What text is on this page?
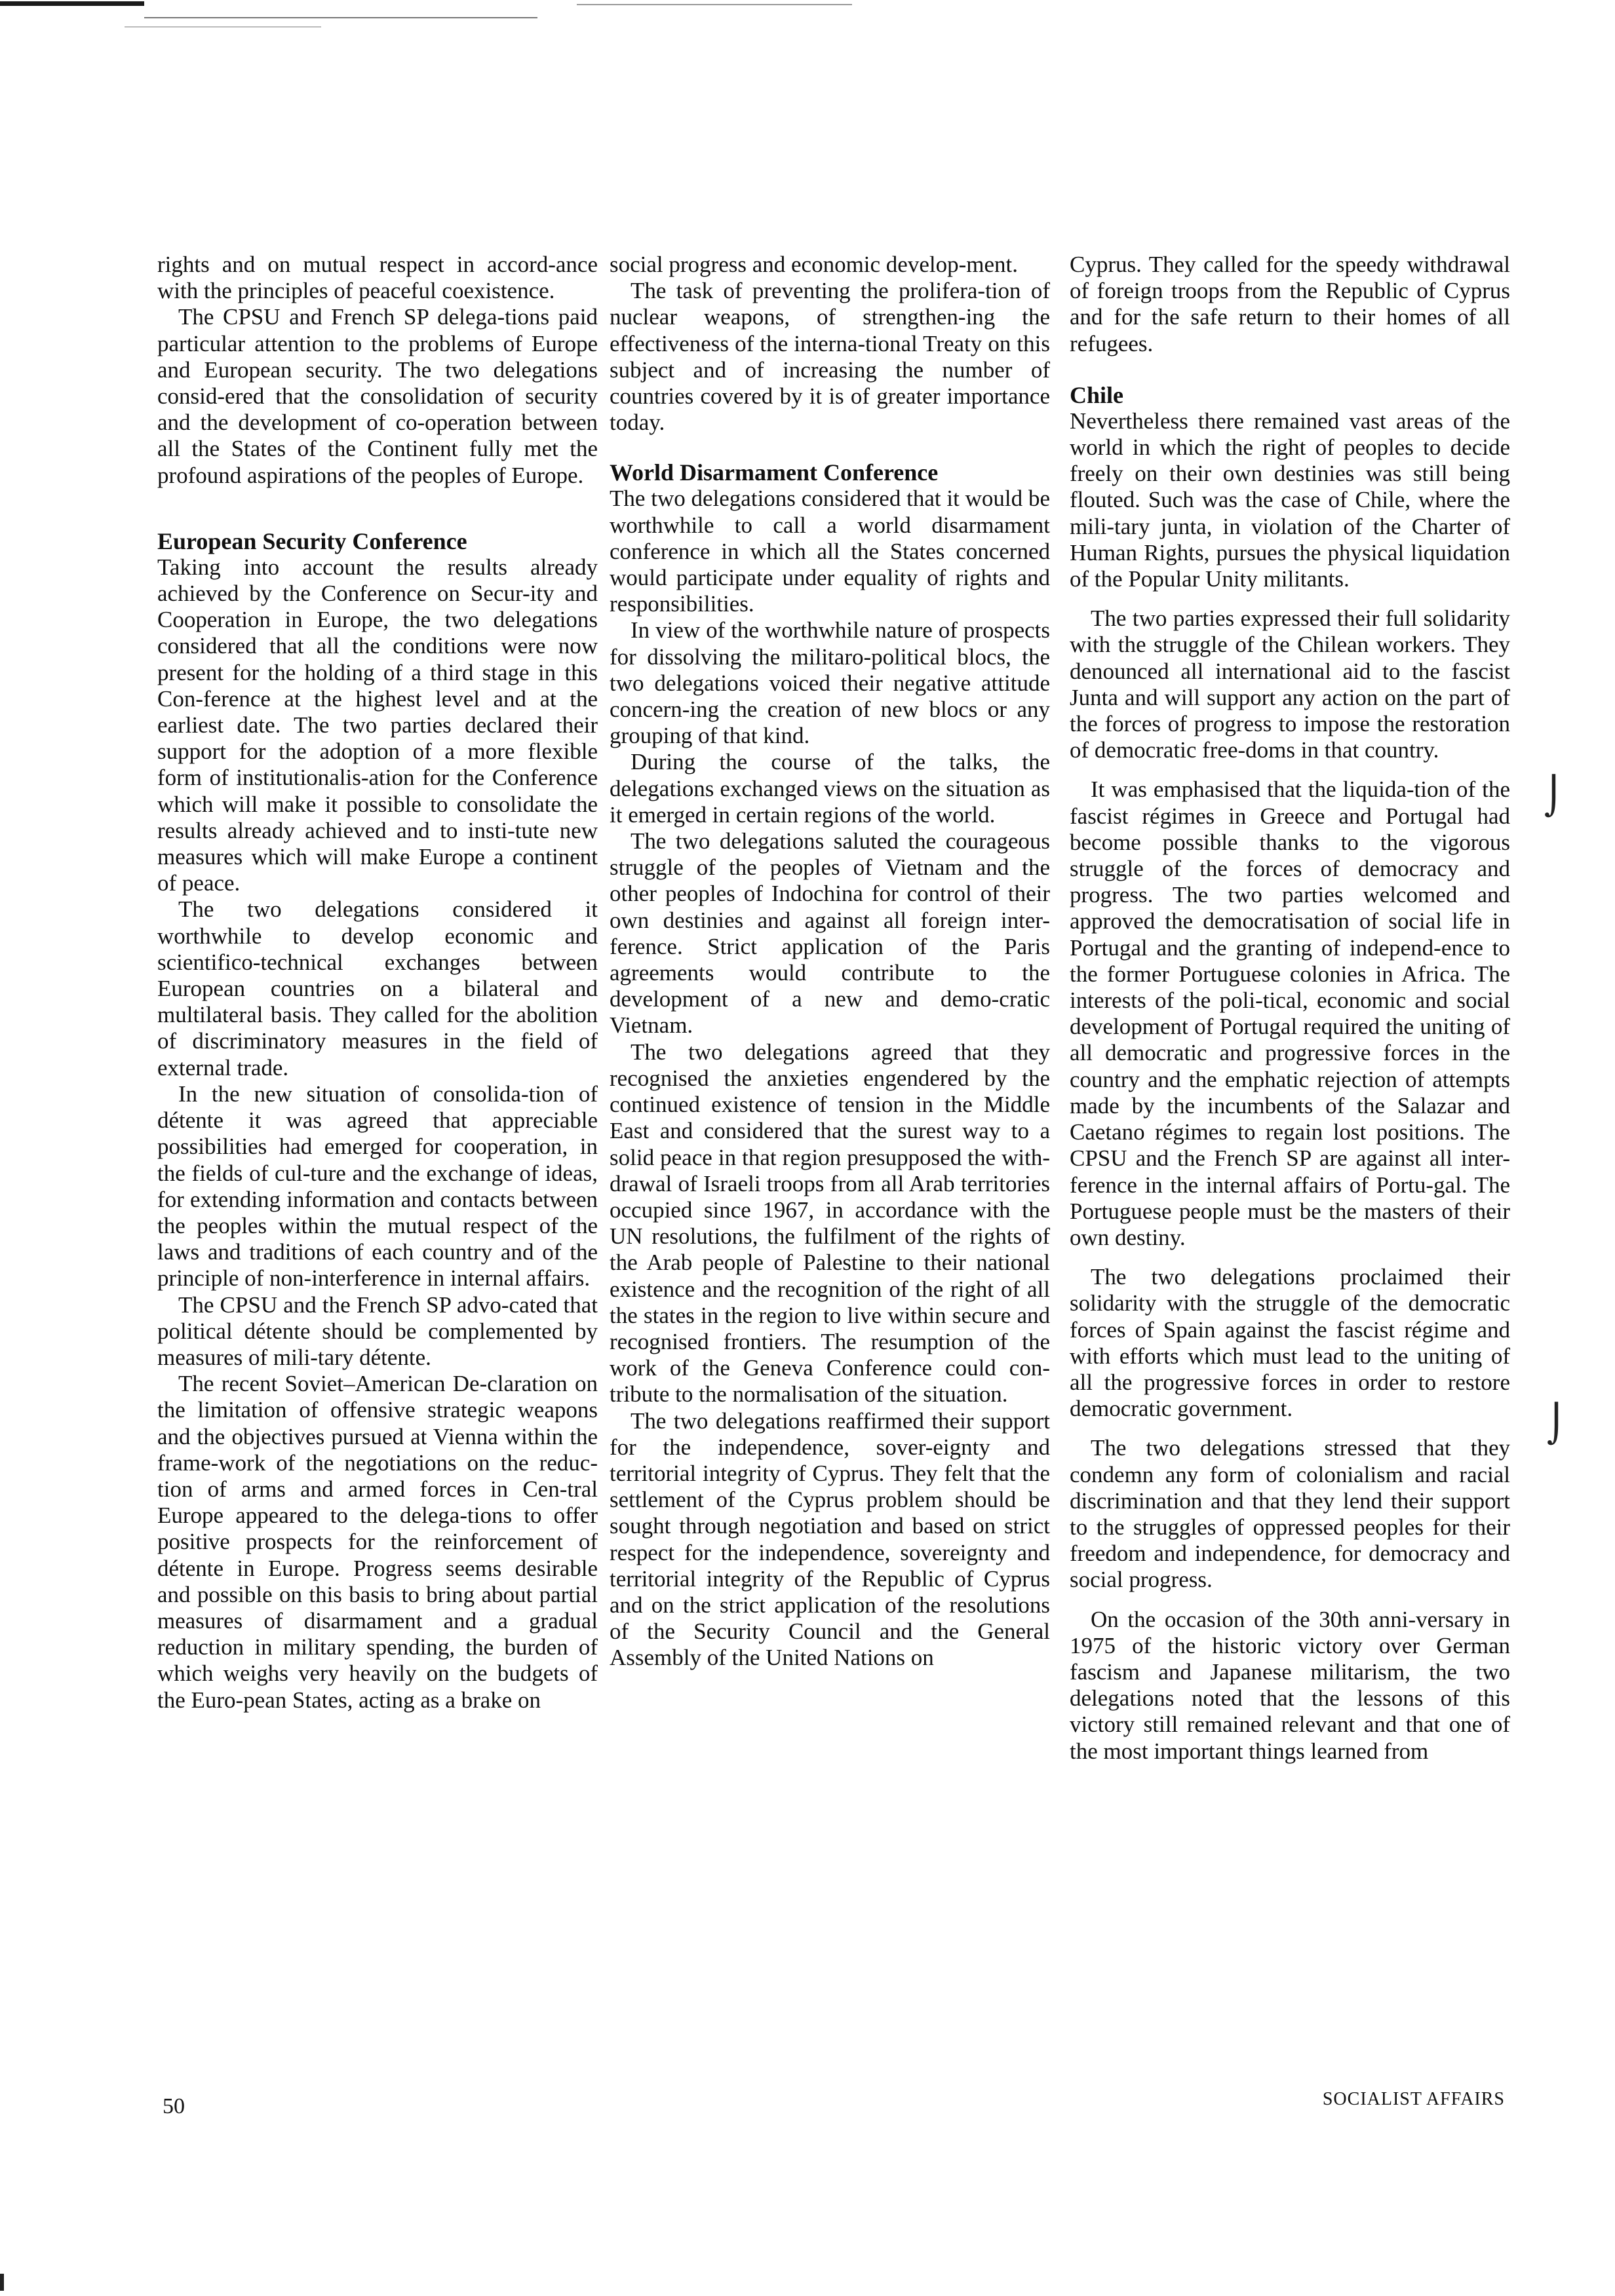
rights and on mutual respect in accord-ance with the principles of peaceful coexistence.

The CPSU and French SP delega-tions paid particular attention to the problems of Europe and European security. The two delegations consid-ered that the consolidation of security and the development of co-operation between all the States of the Continent fully met the profound aspirations of the peoples of Europe.

European Security Conference

Taking into account the results already achieved by the Conference on Secur-ity and Cooperation in Europe, the two delegations considered that all the conditions were now present for the holding of a third stage in this Con-ference at the highest level and at the earliest date. The two parties declared their support for the adoption of a more flexible form of institutionalis-ation for the Conference which will make it possible to consolidate the results already achieved and to insti-tute new measures which will make Europe a continent of peace.

The two delegations considered it worthwhile to develop economic and scientifico-technical exchanges between European countries on a bilateral and multilateral basis. They called for the abolition of discriminatory measures in the field of external trade.

In the new situation of consolida-tion of détente it was agreed that appreciable possibilities had emerged for cooperation, in the fields of cul-ture and the exchange of ideas, for extending information and contacts between the peoples within the mutual respect of the laws and traditions of each country and of the principle of non-interference in internal affairs.

The CPSU and the French SP advo-cated that political détente should be complemented by measures of mili-tary détente.

The recent Soviet–American De-claration on the limitation of offensive strategic weapons and the objectives pursued at Vienna within the frame-work of the negotiations on the reduc-tion of arms and armed forces in Cen-tral Europe appeared to the delega-tions to offer positive prospects for the reinforcement of détente in Europe. Progress seems desirable and possible on this basis to bring about partial measures of disarmament and a gradual reduction in military spending, the burden of which weighs very heavily on the budgets of the Euro-pean States, acting as a brake on

social progress and economic develop-ment.

The task of preventing the prolifera-tion of nuclear weapons, of strengthen-ing the effectiveness of the interna-tional Treaty on this subject and of increasing the number of countries covered by it is of greater importance today.

World Disarmament Conference

The two delegations considered that it would be worthwhile to call a world disarmament conference in which all the States concerned would participate under equality of rights and responsibilities.

In view of the worthwhile nature of prospects for dissolving the militaro-political blocs, the two delegations voiced their negative attitude concern-ing the creation of new blocs or any grouping of that kind.

During the course of the talks, the delegations exchanged views on the situation as it emerged in certain regions of the world.

The two delegations saluted the courageous struggle of the peoples of Vietnam and the other peoples of Indochina for control of their own destinies and against all foreign inter-ference. Strict application of the Paris agreements would contribute to the development of a new and demo-cratic Vietnam.

The two delegations agreed that they recognised the anxieties engendered by the continued existence of tension in the Middle East and considered that the surest way to a solid peace in that region presupposed the with-drawal of Israeli troops from all Arab territories occupied since 1967, in accordance with the UN resolutions, the fulfilment of the rights of the Arab people of Palestine to their national existence and the recognition of the right of all the states in the region to live within secure and recognised frontiers. The resumption of the work of the Geneva Conference could con-tribute to the normalisation of the situation.

The two delegations reaffirmed their support for the independence, sover-eignty and territorial integrity of Cyprus. They felt that the settlement of the Cyprus problem should be sought through negotiation and based on strict respect for the independence, sovereignty and territorial integrity of the Republic of Cyprus and on the strict application of the resolutions of the Security Council and the General Assembly of the United Nations on

Cyprus. They called for the speedy withdrawal of foreign troops from the Republic of Cyprus and for the safe return to their homes of all refugees.

Chile

Nevertheless there remained vast areas of the world in which the right of peoples to decide freely on their own destinies was still being flouted. Such was the case of Chile, where the mili-tary junta, in violation of the Charter of Human Rights, pursues the physical liquidation of the Popular Unity militants.

The two parties expressed their full solidarity with the struggle of the Chilean workers. They denounced all international aid to the fascist Junta and will support any action on the part of the forces of progress to impose the restoration of democratic free-doms in that country.

It was emphasised that the liquida-tion of the fascist régimes in Greece and Portugal had become possible thanks to the vigorous struggle of the forces of democracy and progress. The two parties welcomed and approved the democratisation of social life in Portugal and the granting of independ-ence to the former Portuguese colonies in Africa. The interests of the poli-tical, economic and social development of Portugal required the uniting of all democratic and progressive forces in the country and the emphatic rejection of attempts made by the incumbents of the Salazar and Caetano régimes to regain lost positions. The CPSU and the French SP are against all inter-ference in the internal affairs of Portu-gal. The Portuguese people must be the masters of their own destiny.

The two delegations proclaimed their solidarity with the struggle of the democratic forces of Spain against the fascist régime and with efforts which must lead to the uniting of all the progressive forces in order to restore democratic government.

The two delegations stressed that they condemn any form of colonialism and racial discrimination and that they lend their support to the struggles of oppressed peoples for their freedom and independence, for democracy and social progress.

On the occasion of the 30th anni-versary in 1975 of the historic victory over German fascism and Japanese militarism, the two delegations noted that the lessons of this victory still remained relevant and that one of the most important things learned from

⌡
⌡
50	SOCIALIST AFFAIRS
